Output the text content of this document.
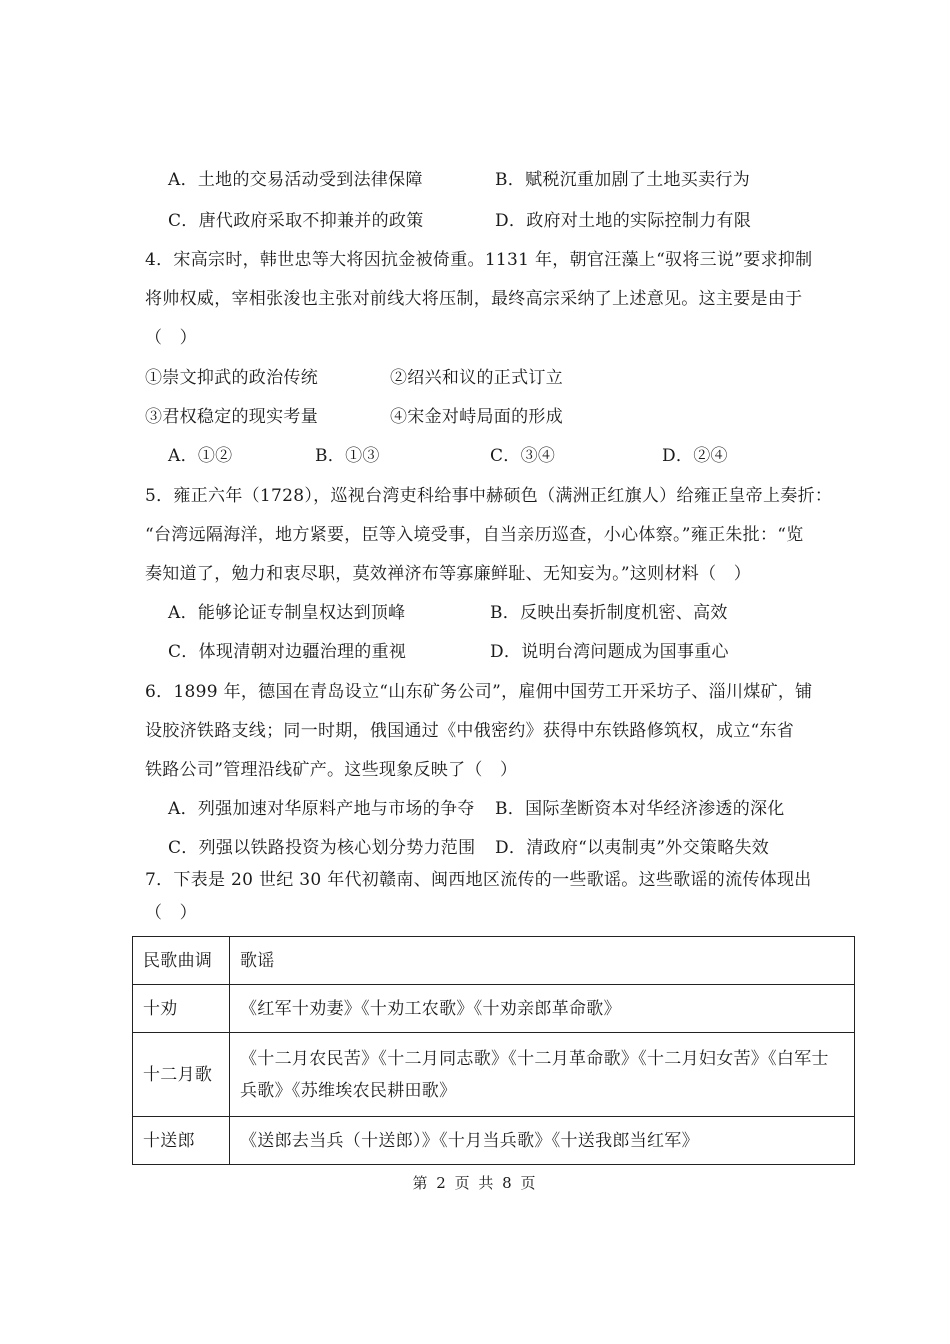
A．土地的交易活动受到法律保障	B．赋税沉重加剧了土地买卖行为
C．唐代政府采取不抑兼并的政策	D．政府对土地的实际控制力有限
4．宋高宗时，韩世忠等大将因抗金被倚重。1131 年，朝官汪藻上“驭将三说”要求抑制
将帅权威，宰相张浚也主张对前线大将压制，最终高宗采纳了上述意见。这主要是由于
（　）
①崇文抑武的政治传统	②绍兴和议的正式订立
③君权稳定的现实考量	④宋金对峙局面的形成
A．①②	B．①③	C．③④	D．②④
5．雍正六年（1728），巡视台湾吏科给事中赫硕色（满洲正红旗人）给雍正皇帝上奏折：
“台湾远隔海洋，地方紧要，臣等入境受事，自当亲历巡查，小心体察。”雍正朱批：“览
奏知道了，勉力和衷尽职，莫效禅济布等寡廉鲜耻、无知妄为。”这则材料（　）
A．能够论证专制皇权达到顶峰	B．反映出奏折制度机密、高效
C．体现清朝对边疆治理的重视	D．说明台湾问题成为国事重心
6．1899 年，德国在青岛设立“山东矿务公司”，雇佣中国劳工开采坊子、淄川煤矿，铺
设胶济铁路支线；同一时期，俄国通过《中俄密约》获得中东铁路修筑权，成立“东省
铁路公司”管理沿线矿产。这些现象反映了（　）
A．列强加速对华原料产地与市场的争夺 B．国际垄断资本对华经济渗透的深化
C．列强以铁路投资为核心划分势力范围 D．清政府“以夷制夷”外交策略失效
7．下表是 20 世纪 30 年代初赣南、闽西地区流传的一些歌谣。这些歌谣的流传体现出
（　）
民歌曲调	歌谣
十劝	《红军十劝妻》《十劝工农歌》《十劝亲郎革命歌》
十二月歌	《十二月农民苦》《十二月同志歌》《十二月革命歌》《十二月妇女苦》《白军士兵歌》《苏维埃农民耕田歌》
十送郎	《送郎去当兵（十送郎）》《十月当兵歌》《十送我郎当红军》
第 2 页 共 8 页
